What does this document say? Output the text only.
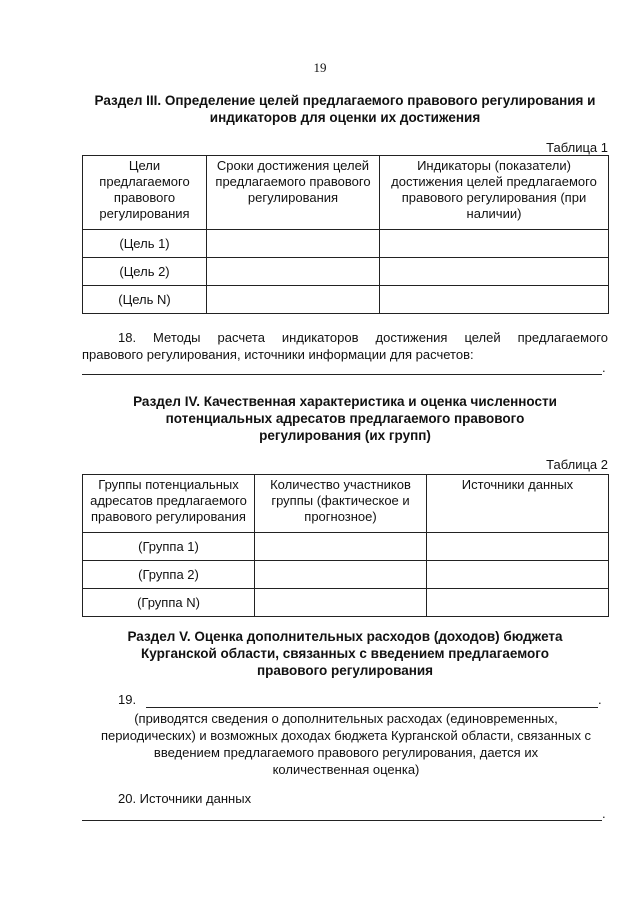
19
Раздел III. Определение целей предлагаемого правового регулирования и
индикаторов для оценки их достижения
Таблица 1
Цели предлагаемого правового регулирования	Сроки достижения целей предлагаемого правового регулирования	Индикаторы (показатели) достижения целей предлагаемого правового регулирования (при наличии)
(Цель 1)		
(Цель 2)		
(Цель N)		
18. Методы расчета индикаторов достижения целей предлагаемого
правового регулирования, источники информации для расчетов:
.
Раздел IV. Качественная характеристика и оценка численности
потенциальных адресатов предлагаемого правового
регулирования (их групп)
Таблица 2
Группы потенциальных адресатов предлагаемого правового регулирования	Количество участников группы (фактическое и прогнозное)	Источники данных
(Группа 1)		
(Группа 2)		
(Группа N)		
Раздел V. Оценка дополнительных расходов (доходов) бюджета
Курганской области, связанных с введением предлагаемого
правового регулирования
19.	.
(приводятся сведения о дополнительных расходах (единовременных,
периодических) и возможных доходах бюджета Курганской области, связанных с
введением предлагаемого правового регулирования, дается их
количественная оценка)
20. Источники данных
.
